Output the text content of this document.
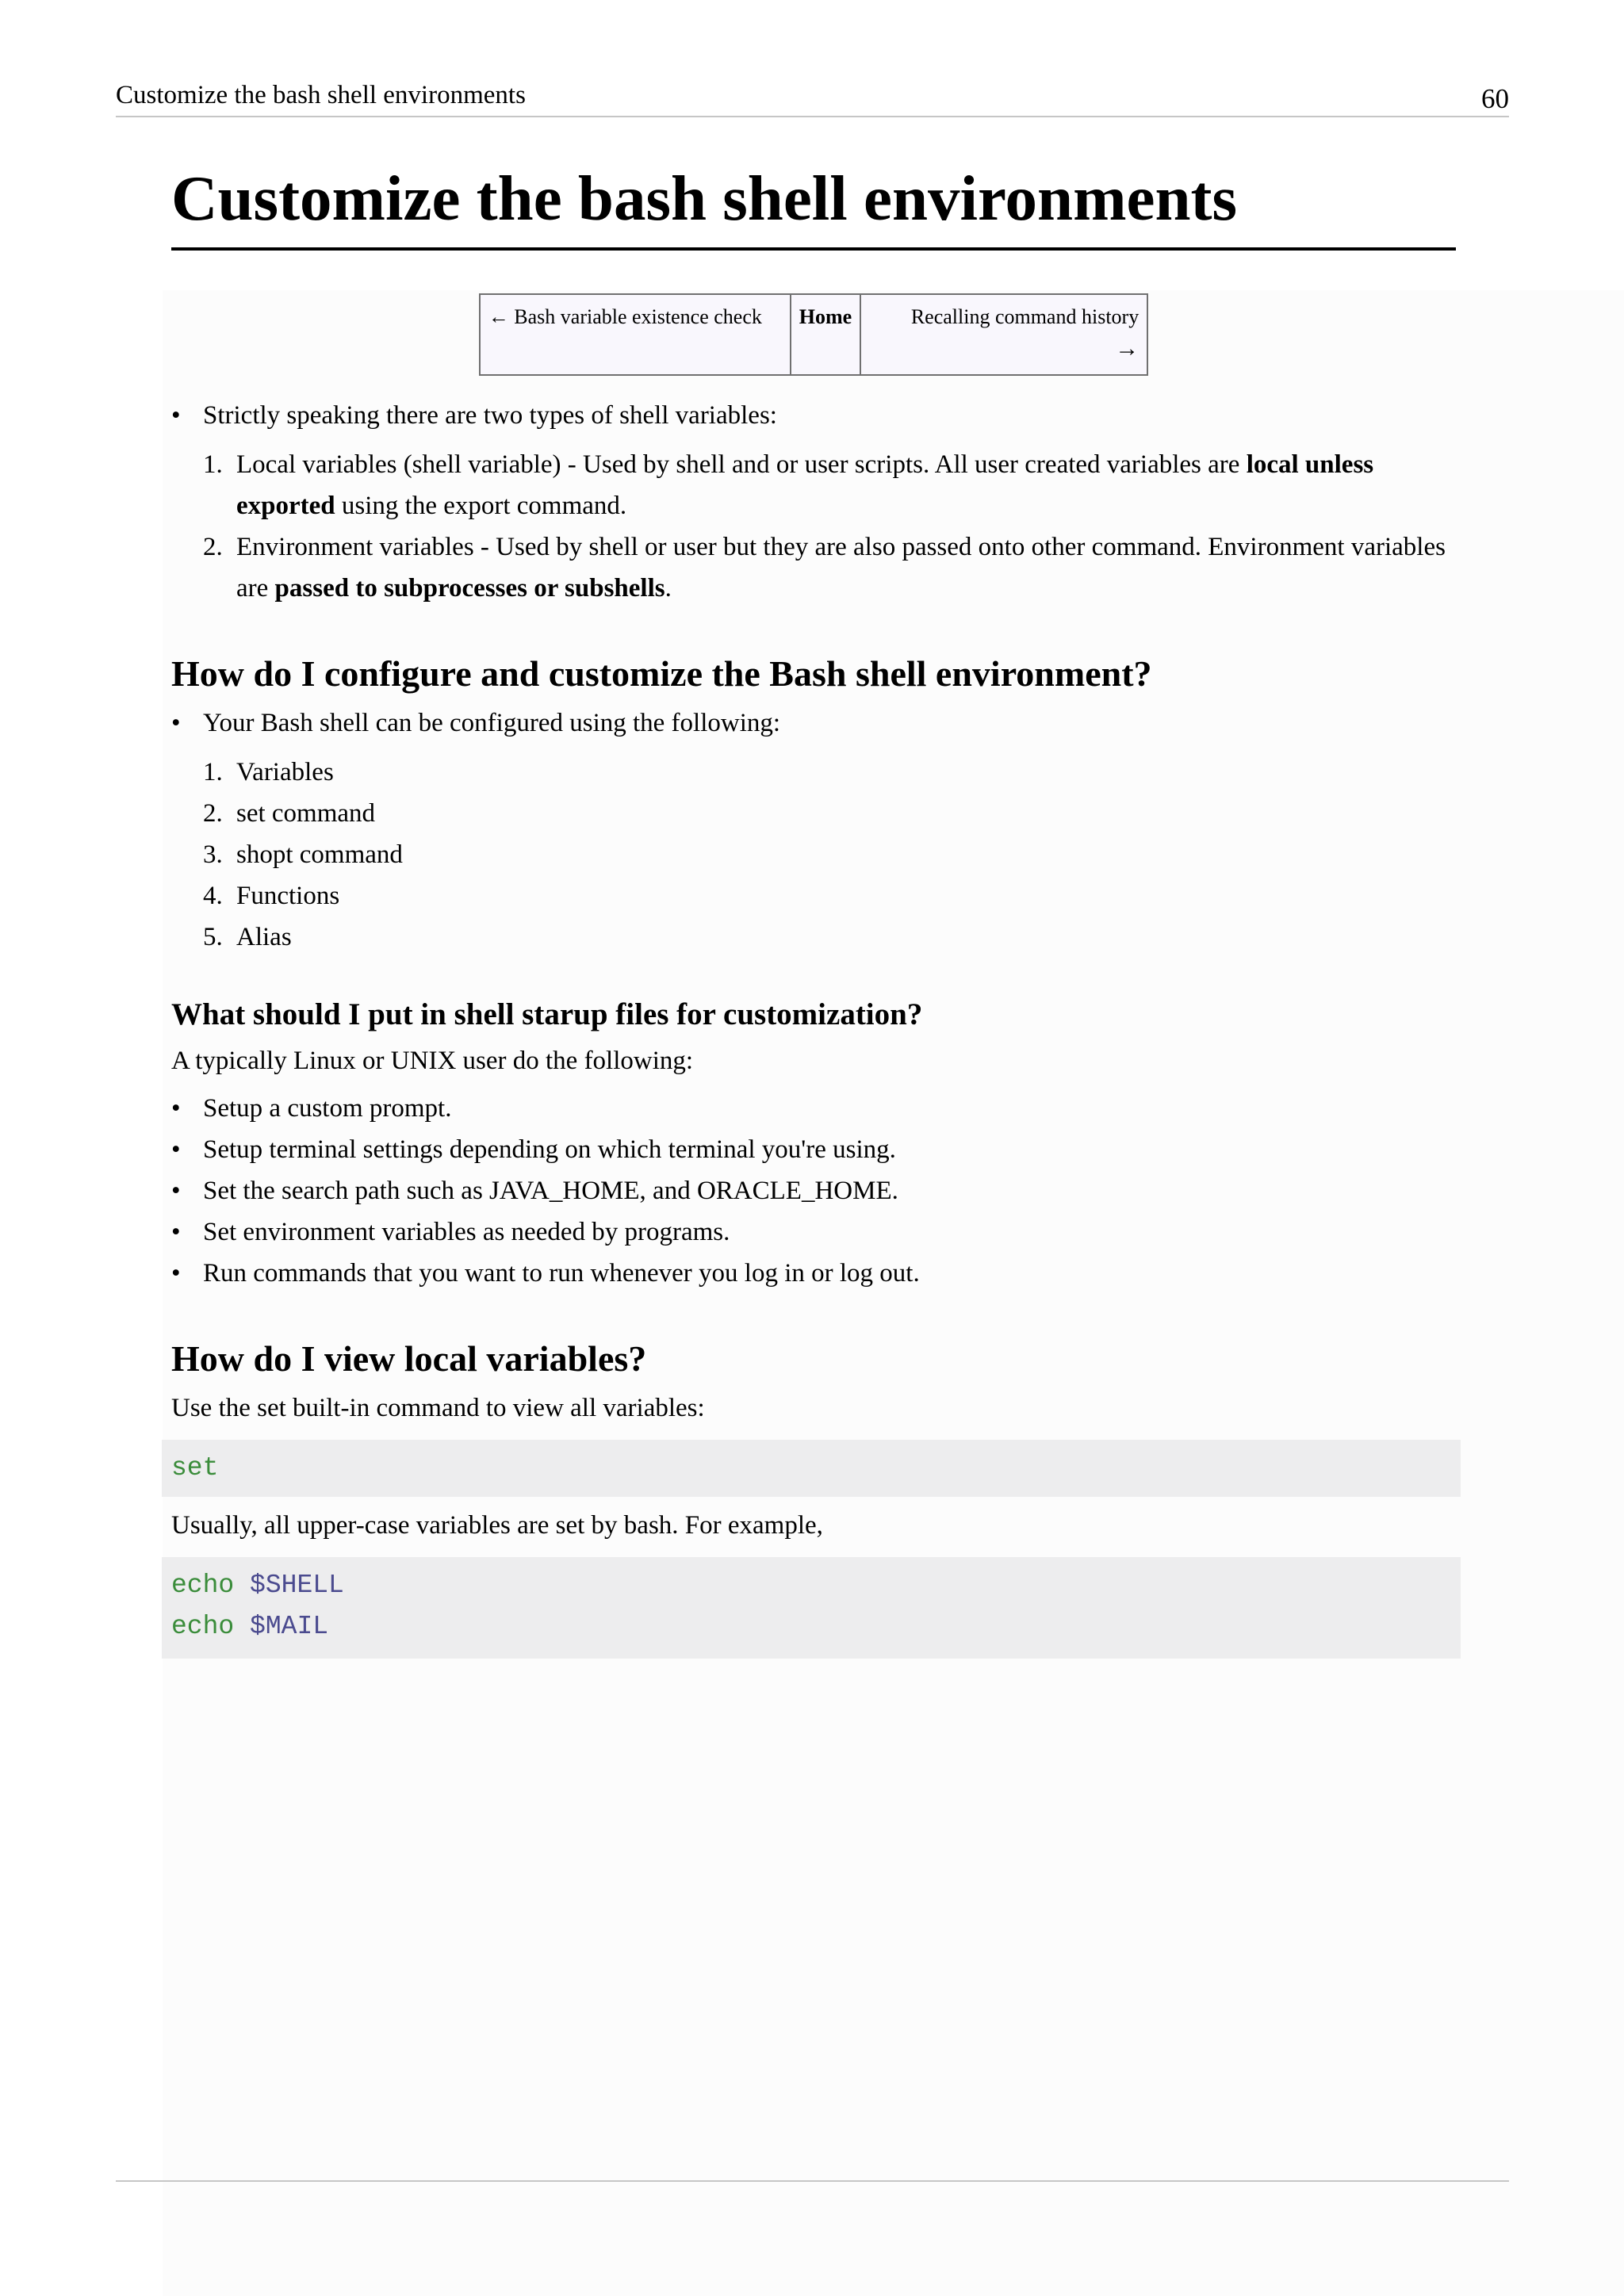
Customize the bash shell environments	60
Customize the bash shell environments
← Bash variable existence check	Home	Recalling command history
→
• Strictly speaking there are two types of shell variables:
1. Local variables (shell variable) - Used by shell and or user scripts. All user created variables are local unless exported using the export command.
2. Environment variables - Used by shell or user but they are also passed onto other command. Environment variables are passed to subprocesses or subshells.
How do I configure and customize the Bash shell environment?
• Your Bash shell can be configured using the following:
1. Variables
2. set command
3. shopt command
4. Functions
5. Alias
What should I put in shell starup files for customization?

A typically Linux or UNIX user do the following:

• Setup a custom prompt.
• Setup terminal settings depending on which terminal you're using.
• Set the search path such as JAVA_HOME, and ORACLE_HOME.
• Set environment variables as needed by programs.
• Run commands that you want to run whenever you log in or log out.
How do I view local variables?

Use the set built-in command to view all variables:

set

Usually, all upper-case variables are set by bash. For example,

echo $SHELL
echo $MAIL
